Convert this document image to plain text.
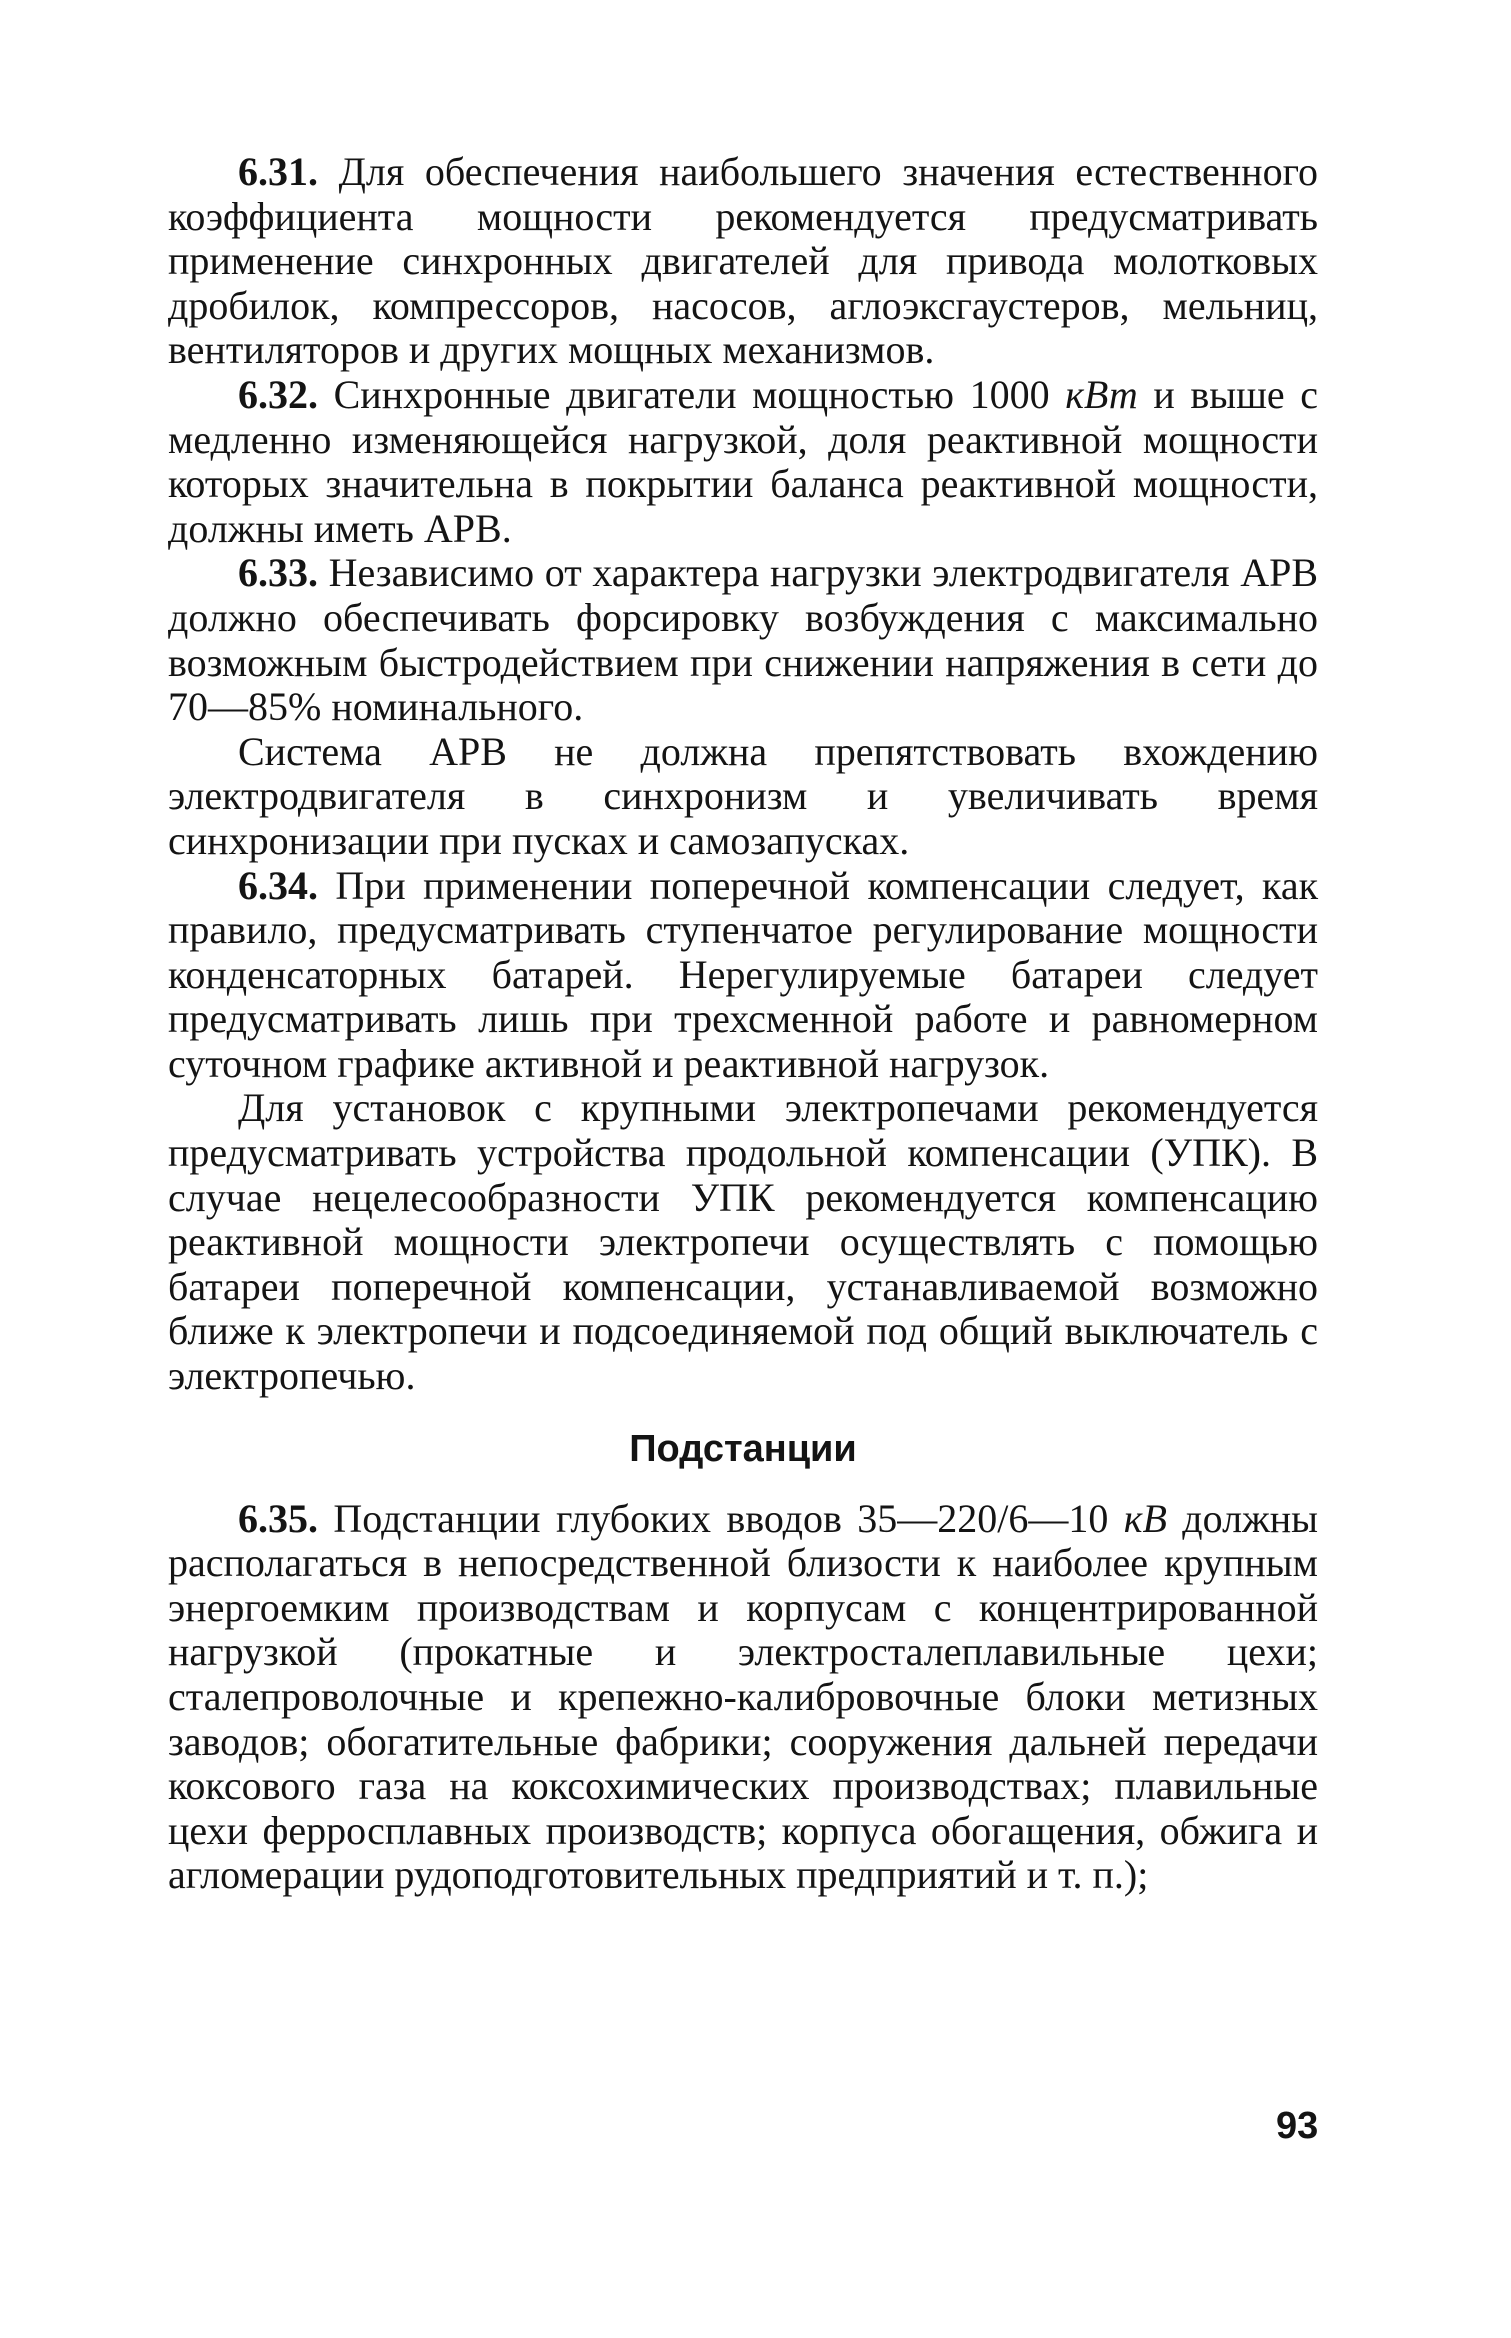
6.31. Для обеспечения наибольшего значения естественного коэффициента мощности рекомендуется предусматривать применение синхронных двигателей для привода молотковых дробилок, компрессоров, насосов, аглоэксгаустеров, мельниц, вентиляторов и других мощных механизмов.

6.32. Синхронные двигатели мощностью 1000 кВт и выше с медленно изменяющейся нагрузкой, доля реактивной мощности которых значительна в покрытии баланса реактивной мощности, должны иметь АРВ.

6.33. Независимо от характера нагрузки электродвигателя АРВ должно обеспечивать форсировку возбуждения с максимально возможным быстродействием при снижении напряжения в сети до 70—85% номинального.

Система АРВ не должна препятствовать вхождению электродвигателя в синхронизм и увеличивать время синхронизации при пусках и самозапусках.

6.34. При применении поперечной компенсации следует, как правило, предусматривать ступенчатое регулирование мощности конденсаторных батарей. Нерегулируемые батареи следует предусматривать лишь при трехсменной работе и равномерном суточном графике активной и реактивной нагрузок.

Для установок с крупными электропечами рекомендуется предусматривать устройства продольной компенсации (УПК). В случае нецелесообразности УПК рекомендуется компенсацию реактивной мощности электропечи осуществлять с помощью батареи поперечной компенсации, устанавливаемой возможно ближе к электропечи и подсоединяемой под общий выключатель с электропечью.

Подстанции

6.35. Подстанции глубоких вводов 35—220/6—10 кВ должны располагаться в непосредственной близости к наиболее крупным энергоемким производствам и корпусам с концентрированной нагрузкой (прокатные и электросталеплавильные цехи; сталепроволочные и крепежно-калибровочные блоки метизных заводов; обогатительные фабрики; сооружения дальней передачи коксового газа на коксохимических производствах; плавильные цехи ферросплавных производств; корпуса обогащения, обжига и агломерации рудоподготовительных предприятий и т. п.);

93
